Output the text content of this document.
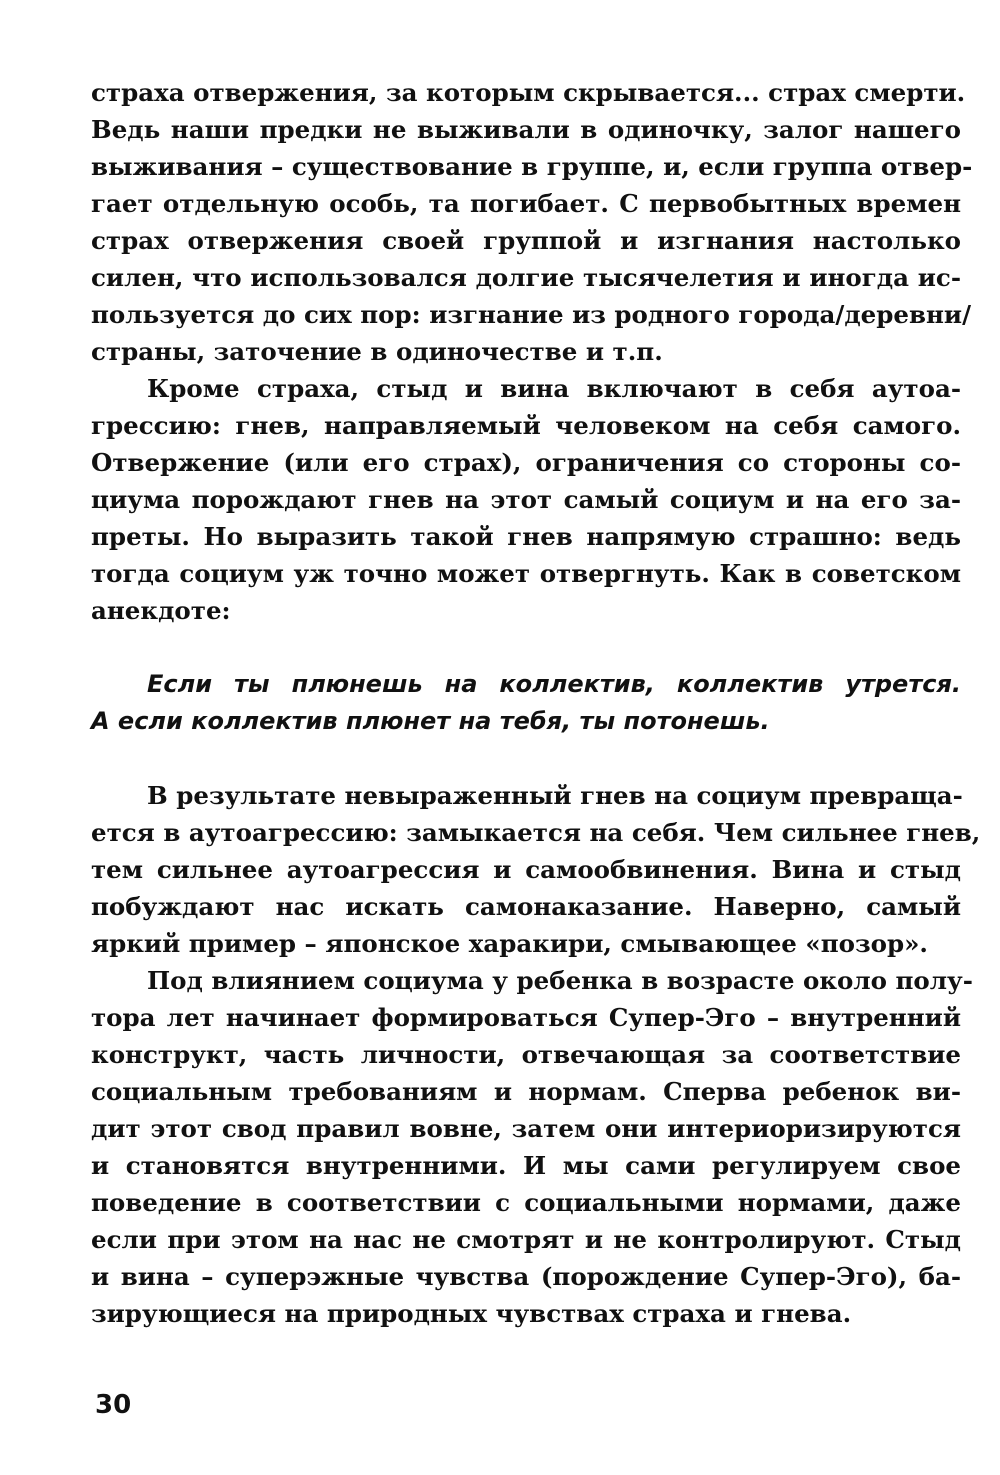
страха отвержения, за которым скрывается... страх смерти.
Ведь наши предки не выживали в одиночку, залог нашего
выживания – существование в группе, и, если группа отвер-
гает отдельную особь, та погибает. С первобытных времен
страх отвержения своей группой и изгнания настолько
силен, что использовался долгие тысячелетия и иногда ис-
пользуется до сих пор: изгнание из родного города/деревни/
страны, заточение в одиночестве и т.п.
Кроме страха, стыд и вина включают в себя аутоа-
грессию: гнев, направляемый человеком на себя самого.
Отвержение (или его страх), ограничения со стороны со-
циума порождают гнев на этот самый социум и на его за-
преты. Но выразить такой гнев напрямую страшно: ведь
тогда социум уж точно может отвергнуть. Как в советском
анекдоте:
Если ты плюнешь на коллектив, коллектив утрется.
А если коллектив плюнет на тебя, ты потонешь.
В результате невыраженный гнев на социум превраща-
ется в аутоагрессию: замыкается на себя. Чем сильнее гнев,
тем сильнее аутоагрессия и самообвинения. Вина и стыд
побуждают нас искать самонаказание. Наверно, самый
яркий пример – японское харакири, смывающее «позор».
Под влиянием социума у ребенка в возрасте около полу-
тора лет начинает формироваться Супер-Эго – внутренний
конструкт, часть личности, отвечающая за соответствие
социальным требованиям и нормам. Сперва ребенок ви-
дит этот свод правил вовне, затем они интериоризируются
и становятся внутренними. И мы сами регулируем свое
поведение в соответствии с социальными нормами, даже
если при этом на нас не смотрят и не контролируют. Стыд
и вина – суперэжные чувства (порождение Супер-Эго), ба-
зирующиеся на природных чувствах страха и гнева.
30
